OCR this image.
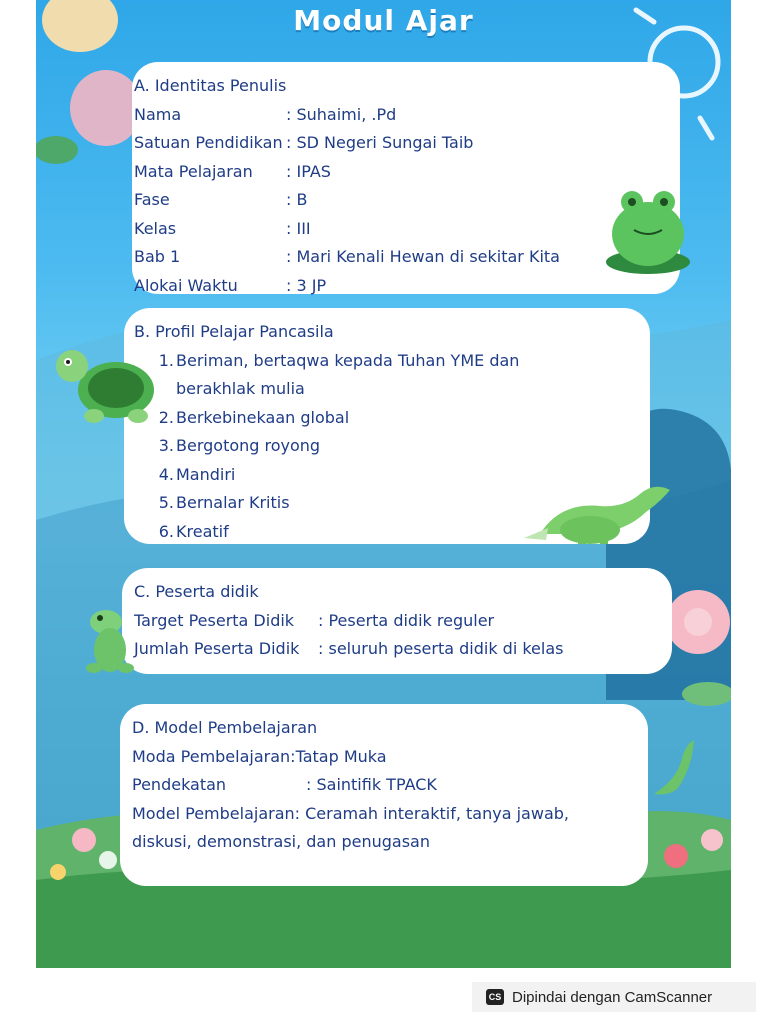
Modul Ajar
A. Identitas Penulis
Nama	: Suhaimi, .Pd
Satuan Pendidikan : SD Negeri Sungai Taib
Mata Pelajaran	: IPAS
Fase	: B
Kelas	: III
Bab 1	: Mari Kenali Hewan di sekitar Kita
Alokai Waktu	: 3 JP
B. Profil Pelajar Pancasila
1. Beriman, bertaqwa kepada Tuhan YME dan
berakhlak mulia
2. Berkebinekaan global
3. Bergotong royong
4. Mandiri
5. Bernalar Kritis
6. Kreatif
C. Peserta didik
Target Peserta Didik	: Peserta didik reguler
Jumlah Peserta Didik	: seluruh peserta didik di kelas
D. Model Pembelajaran
Moda Pembelajaran :Tatap Muka
Pendekatan	: Saintifik TPACK
Model Pembelajaran : Ceramah interaktif, tanya jawab,
diskusi, demonstrasi, dan penugasan
CS Dipindai dengan CamScanner
